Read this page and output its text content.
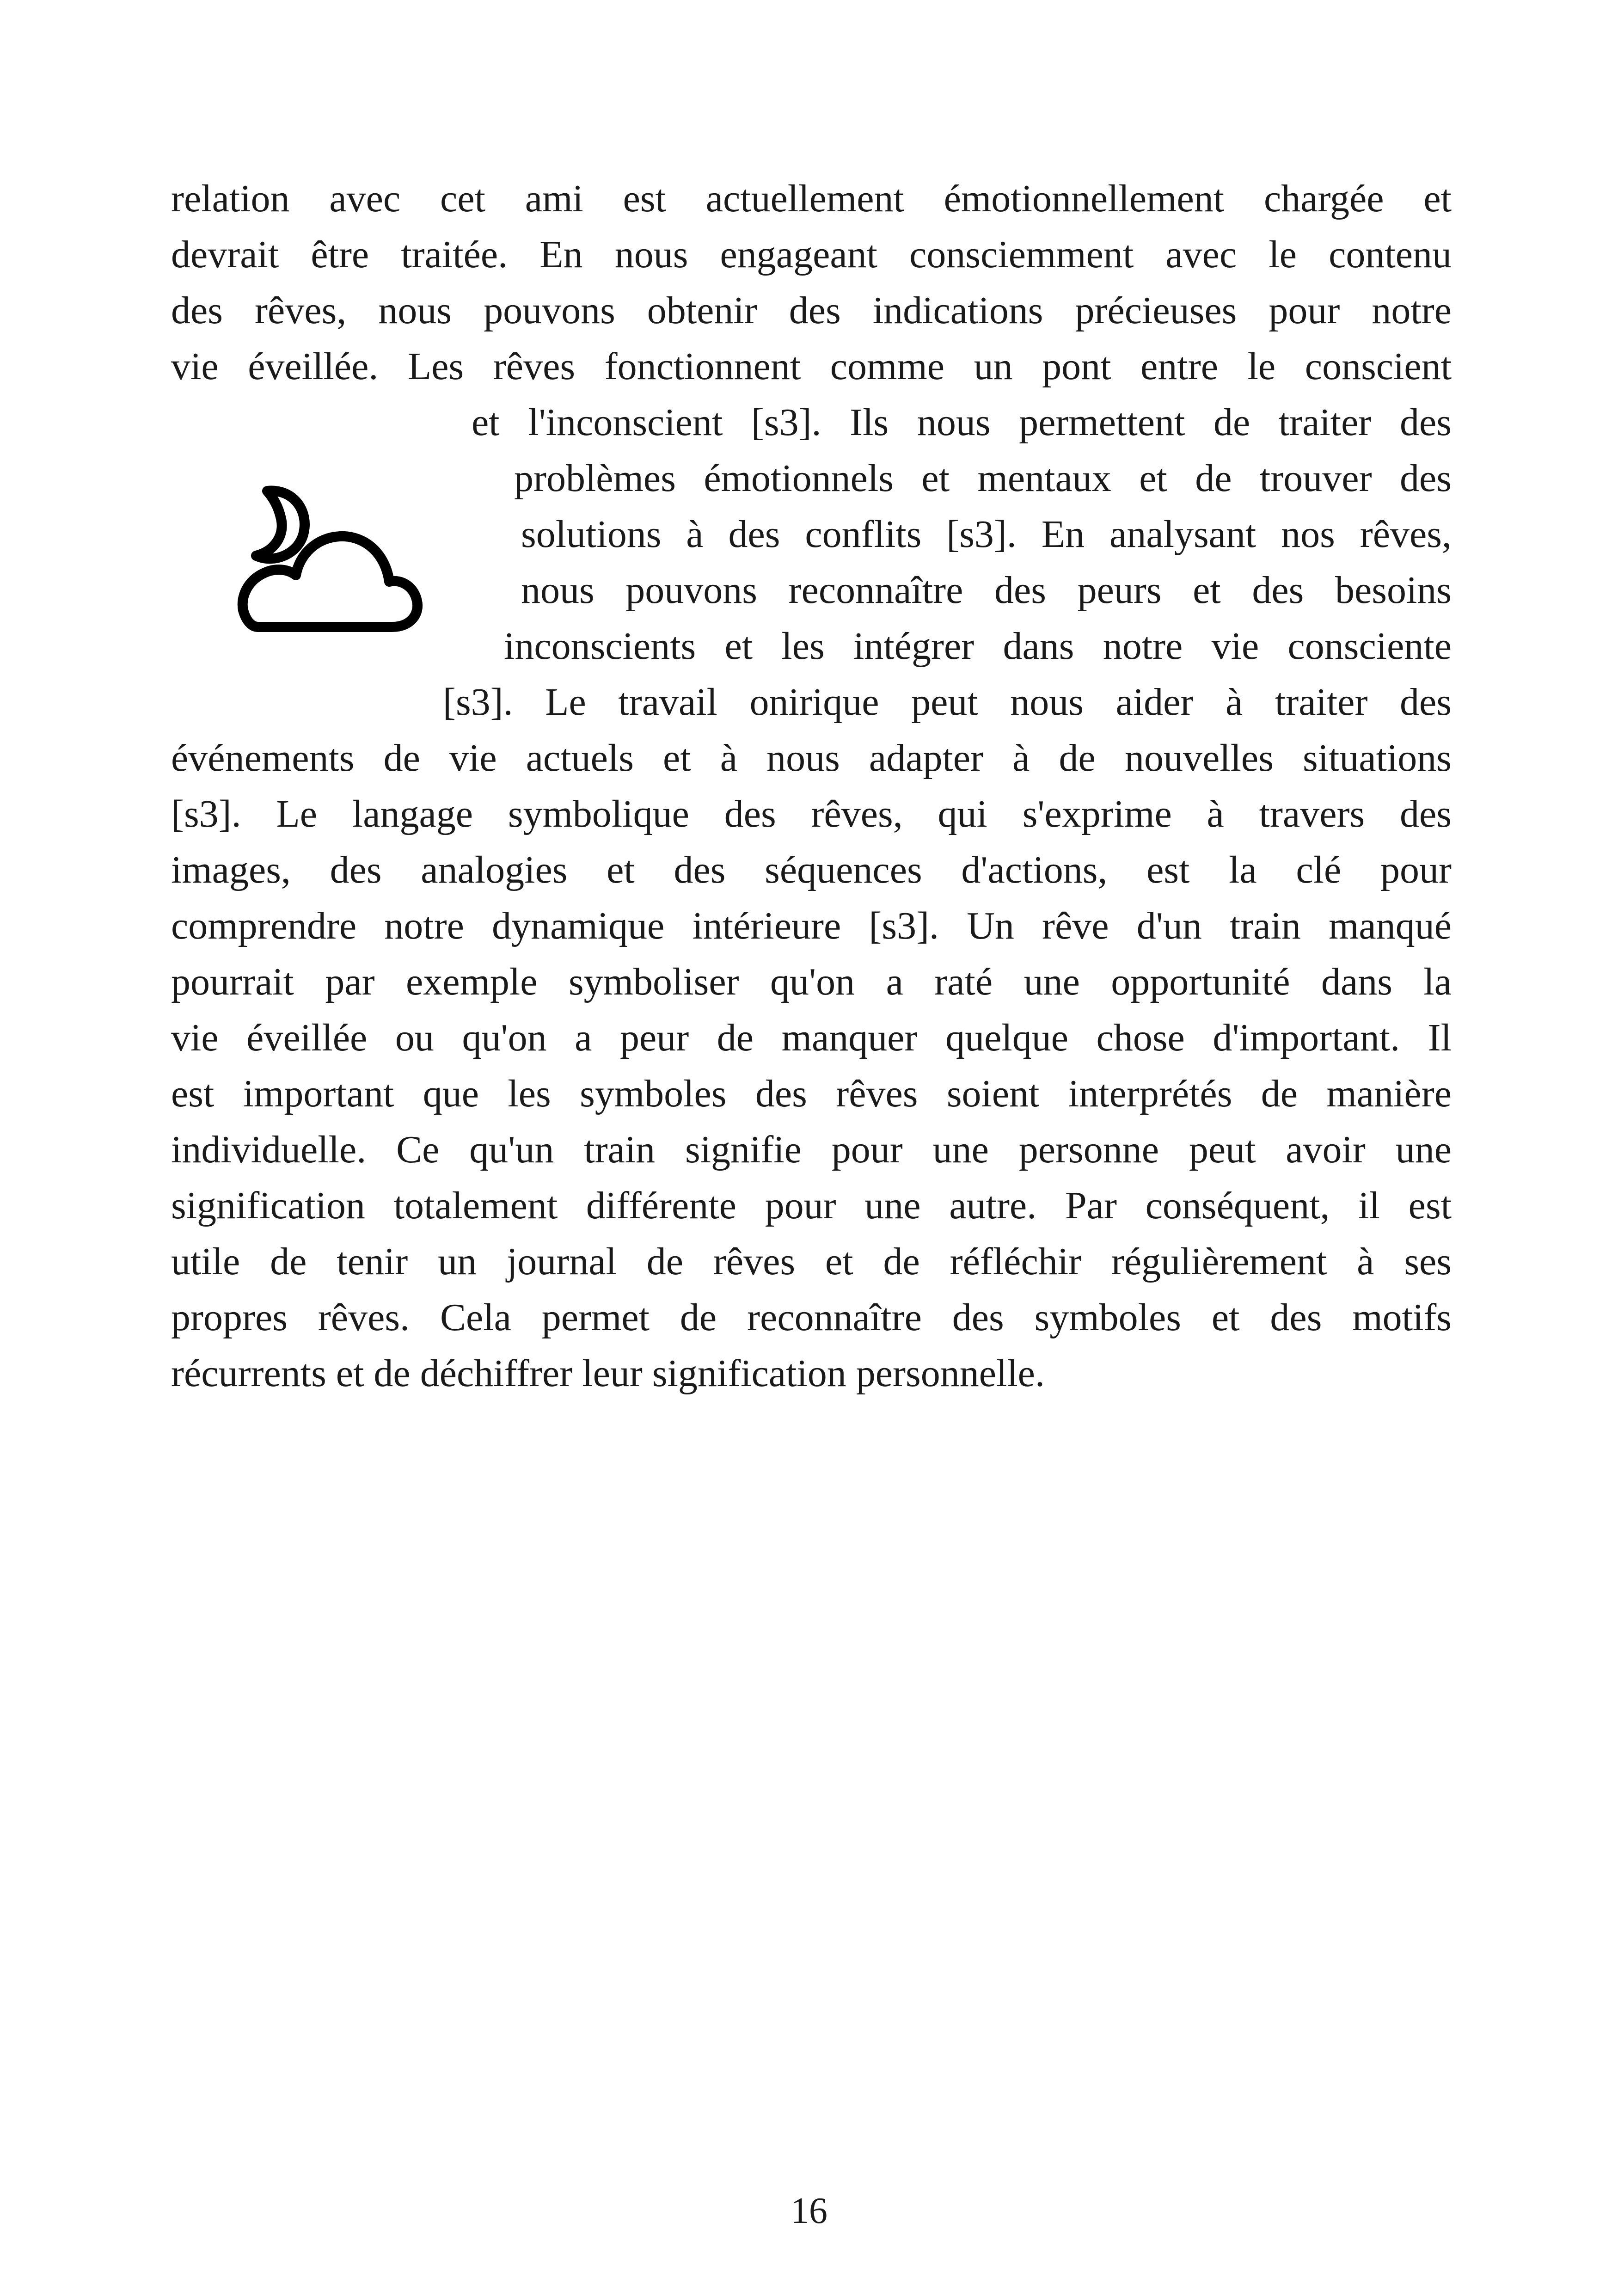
relation avec cet ami est actuellement émotionnellement chargée et
devrait être traitée. En nous engageant consciemment avec le contenu
des rêves, nous pouvons obtenir des indications précieuses pour notre
vie éveillée. Les rêves fonctionnent comme un pont entre le conscient
et l'inconscient [s3]. Ils nous permettent de traiter des
problèmes émotionnels et mentaux et de trouver des
solutions à des conflits [s3]. En analysant nos rêves,
nous pouvons reconnaître des peurs et des besoins
inconscients et les intégrer dans notre vie consciente
[s3]. Le travail onirique peut nous aider à traiter des
événements de vie actuels et à nous adapter à de nouvelles situations
[s3]. Le langage symbolique des rêves, qui s'exprime à travers des
images, des analogies et des séquences d'actions, est la clé pour
comprendre notre dynamique intérieure [s3]. Un rêve d'un train manqué
pourrait par exemple symboliser qu'on a raté une opportunité dans la
vie éveillée ou qu'on a peur de manquer quelque chose d'important. Il
est important que les symboles des rêves soient interprétés de manière
individuelle. Ce qu'un train signifie pour une personne peut avoir une
signification totalement différente pour une autre. Par conséquent, il est
utile de tenir un journal de rêves et de réfléchir régulièrement à ses
propres rêves. Cela permet de reconnaître des symboles et des motifs
récurrents et de déchiffrer leur signification personnelle.
16
